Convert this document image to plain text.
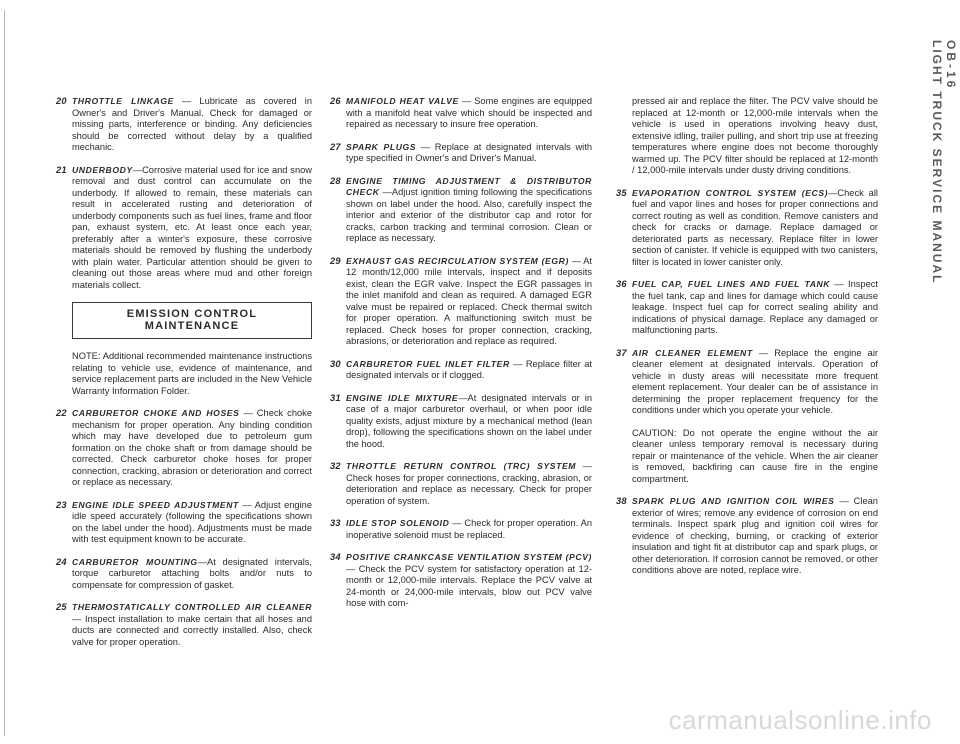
20 THROTTLE LINKAGE — Lubricate as covered in Owner's and Driver's Manual. Check for damaged or missing parts, interference or binding. Any deficiencies should be corrected without delay by a qualified mechanic.
21 UNDERBODY—Corrosive material used for ice and snow removal and dust control can accumulate on the underbody. If allowed to remain, these materials can result in accelerated rusting and deterioration of underbody components such as fuel lines, frame and floor pan, exhaust system, etc. At least once each year, preferably after a winter's exposure, these corrosive materials should be removed by flushing the underbody with plain water. Particular attention should be given to cleaning out those areas where mud and other foreign materials collect.
EMISSION CONTROL MAINTENANCE
NOTE: Additional recommended maintenance instructions relating to vehicle use, evidence of maintenance, and service replacement parts are included in the New Vehicle Warranty Information Folder.
22 CARBURETOR CHOKE AND HOSES — Check choke mechanism for proper operation. Any binding condition which may have developed due to petroleum gum formation on the choke shaft or from damage should be corrected. Check carburetor choke hoses for proper connection, cracking, abrasion or deterioration and correct or replace as necessary.
23 ENGINE IDLE SPEED ADJUSTMENT — Adjust engine idle speed accurately (following the specifications shown on the label under the hood). Adjustments must be made with test equipment known to be accurate.
24 CARBURETOR MOUNTING—At designated intervals, torque carburetor attaching bolts and/or nuts to compensate for compression of gasket.
25 THERMOSTATICALLY CONTROLLED AIR CLEANER — Inspect installation to make certain that all hoses and ducts are connected and correctly installed. Also, check valve for proper operation.
26 MANIFOLD HEAT VALVE — Some engines are equipped with a manifold heat valve which should be inspected and repaired as necessary to insure free operation.
27 SPARK PLUGS — Replace at designated intervals with type specified in Owner's and Driver's Manual.
28 ENGINE TIMING ADJUSTMENT & DISTRIBUTOR CHECK —Adjust ignition timing following the specifications shown on label under the hood. Also, carefully inspect the interior and exterior of the distributor cap and rotor for cracks, carbon tracking and terminal corrosion. Clean or replace as necessary.
29 EXHAUST GAS RECIRCULATION SYSTEM (EGR) — At 12 month/12,000 mile intervals, inspect and if deposits exist, clean the EGR valve. Inspect the EGR passages in the inlet manifold and clean as required. A damaged EGR valve must be repaired or replaced. Check thermal switch for proper operation. A malfunctioning switch must be replaced. Check hoses for proper connection, cracking, abrasions, or deterioration and replace as required.
30 CARBURETOR FUEL INLET FILTER — Replace filter at designated intervals or if clogged.
31 ENGINE IDLE MIXTURE—At designated intervals or in case of a major carburetor overhaul, or when poor idle quality exists, adjust mixture by a mechanical method (lean drop), following the specifications shown on the label under the hood.
32 THROTTLE RETURN CONTROL (TRC) SYSTEM — Check hoses for proper connections, cracking, abrasion, or deterioration and replace as necessary. Check for proper operation of system.
33 IDLE STOP SOLENOID — Check for proper operation. An inoperative solenoid must be replaced.
34 POSITIVE CRANKCASE VENTILATION SYSTEM (PCV) — Check the PCV system for satisfactory operation at 12-month or 12,000-mile intervals. Replace the PCV valve at 24-month or 24,000-mile intervals, blow out PCV valve hose with com-
pressed air and replace the filter. The PCV valve should be replaced at 12-month or 12,000-mile intervals when the vehicle is used in operations involving heavy dust, extensive idling, trailer pulling, and short trip use at freezing temperatures where engine does not become thoroughly warmed up. The PCV filter should be replaced at 12-month / 12,000-mile intervals under dusty driving conditions.
35 EVAPORATION CONTROL SYSTEM (ECS)—Check all fuel and vapor lines and hoses for proper connections and correct routing as well as condition. Remove canisters and check for cracks or damage. Replace damaged or deteriorated parts as necessary. Replace filter in lower section of canister. If vehicle is equipped with two canisters, filter is located in lower canister only.
36 FUEL CAP, FUEL LINES AND FUEL TANK — Inspect the fuel tank, cap and lines for damage which could cause leakage. Inspect fuel cap for correct sealing ability and indications of physical damage. Replace any damaged or malfunctioning parts.
37 AIR CLEANER ELEMENT — Replace the engine air cleaner element at designated intervals. Operation of vehicle in dusty areas will necessitate more frequent element replacement. Your dealer can be of assistance in determining the proper replacement frequency for the conditions under which you operate your vehicle.
CAUTION: Do not operate the engine without the air cleaner unless temporary removal is necessary during repair or maintenance of the vehicle. When the air cleaner is removed, backfiring can cause fire in the engine compartment.
38 SPARK PLUG AND IGNITION COIL WIRES — Clean exterior of wires; remove any evidence of corrosion on end terminals. Inspect spark plug and ignition coil wires for evidence of checking, burning, or cracking of exterior insulation and tight fit at distributor cap and spark plugs, or other deterioration. If corrosion cannot be removed, or other conditions above are noted, replace wire.
OB-16
LIGHT TRUCK SERVICE MANUAL
carmanualsonline.info
